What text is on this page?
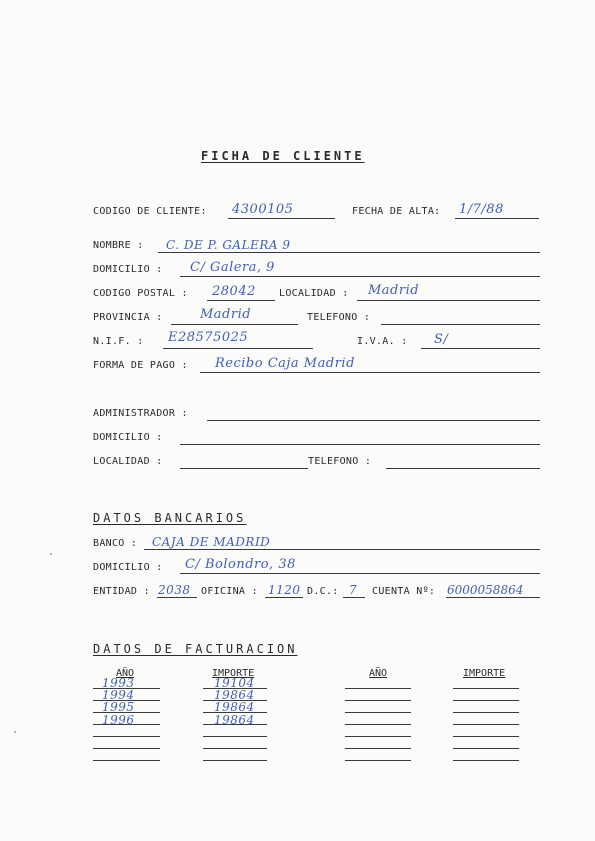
FICHA DE CLIENTE
CODIGO DE CLIENTE: 4300105	FECHA DE ALTA: 1/7/88
NOMBRE : C. DE P. GALERA 9
DOMICILIO : C/ Galera, 9
CODIGO POSTAL : 28042 LOCALIDAD : Madrid
PROVINCIA :	Madrid	TELEFONO :
N.I.F. : E28575025	I.V.A. : S/
FORMA DE PAGO : Recibo Caja Madrid
ADMINISTRADOR :
DOMICILIO :
LOCALIDAD :	TELEFONO :
DATOS BANCARIOS
BANCO : CAJA DE MADRID
DOMICILIO : C/ Bolondro, 38
ENTIDAD : 2038 OFICINA : 1120 D.C.: 7 CUENTA Nº: 6000058864
DATOS DE FACTURACION
AÑO	IMPORTE	AÑO	IMPORTE
1993	19104
1994	19864
1995	19864
1996	19864
